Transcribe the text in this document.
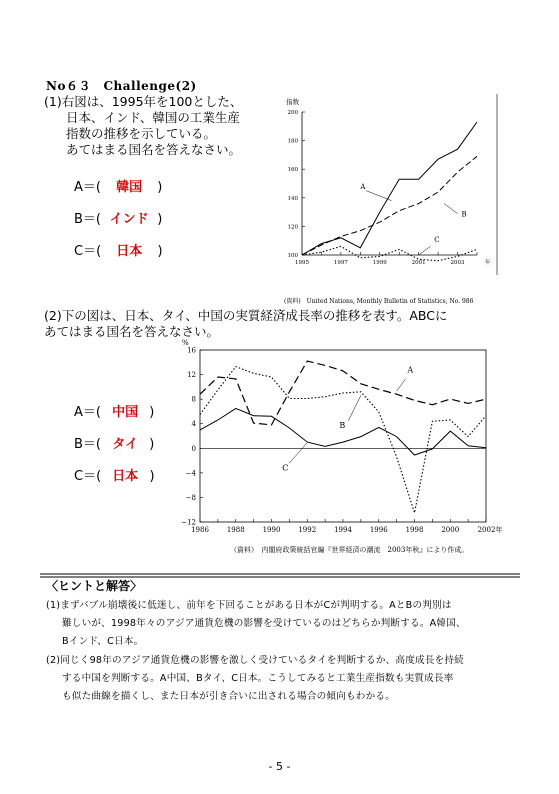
No６３　Challenge(2)
(1)右図は、1995年を100とした、
日本、インド、韓国の工業生産
指数の推移を示している。
あてはまる国名を答えなさい。
A＝( 韓国 )
B＝( インド )
C＝( 日本 )
指数
100
120
140
160
180
200
1995	1997	1999	2001	2003	年
A
B
C
(資料)　United Nations, Monthly Bulletin of Statistics, No. 986
(2)下の図は、日本、タイ、中国の実質経済成長率の推移を表す。ABCに
あてはまる国名を答えなさい。
A＝( 中国 )
B＝( タイ )
C＝( 日本 )
%
16
12
8
4
0
−4
−8
−12
1986	1988	1990	1992	1994	1996	1998	2000	2002年
A
B
C
（資料）　内閣府政策統括官編『世界経済の潮流　2003年秋』により作成。
〈ヒントと解答〉
(1)まずバブル崩壊後に低迷し、前年を下回ることがある日本がCが判明する。AとBの判別は
難しいが、1998年々のアジア通貨危機の影響を受けているのはどちらか判断する。A韓国、
Bインド、C日本。
(2)同じく98年のアジア通貨危機の影響を激しく受けているタイを判断するか、高度成長を持続
する中国を判断する。A中国、Bタイ、C日本。こうしてみると工業生産指数も実質成長率
も似た曲線を描くし、また日本が引き合いに出される場合の傾向もわかる。
- 5 -
